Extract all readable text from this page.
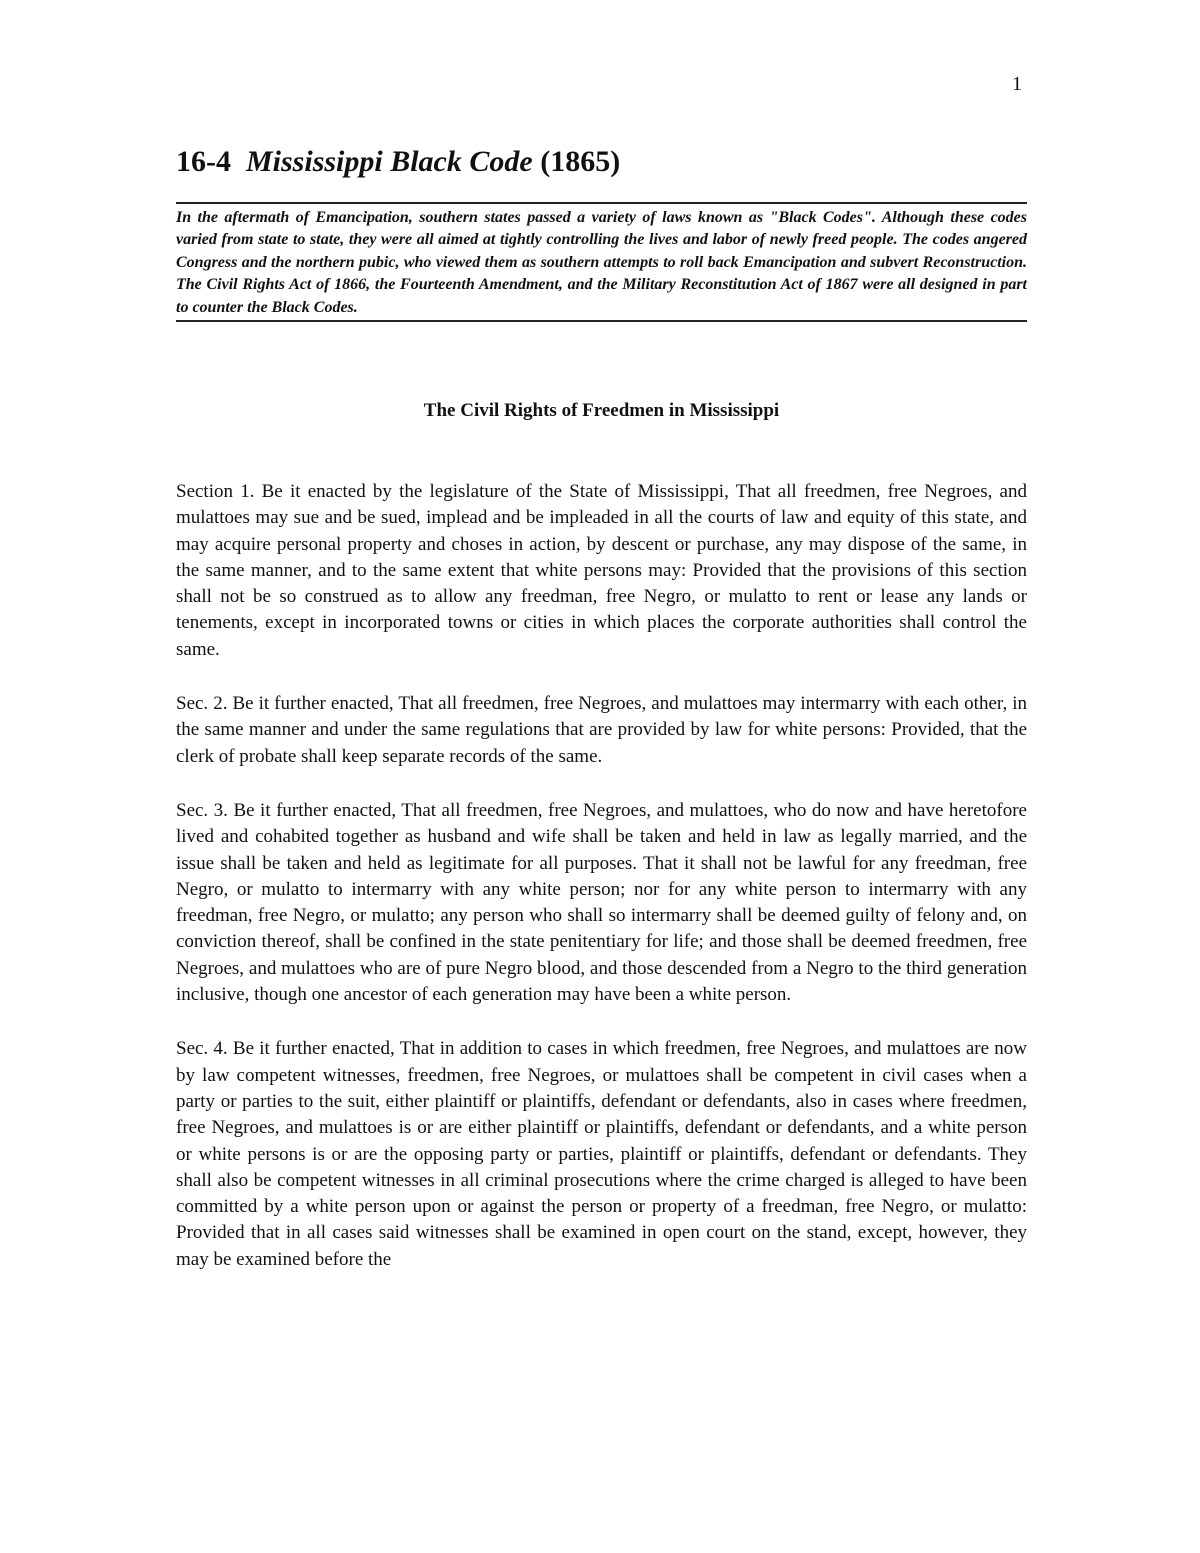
1
16-4 Mississippi Black Code (1865)
In the aftermath of Emancipation, southern states passed a variety of laws known as "Black Codes". Although these codes varied from state to state, they were all aimed at tightly controlling the lives and labor of newly freed people. The codes angered Congress and the northern pubic, who viewed them as southern attempts to roll back Emancipation and subvert Reconstruction. The Civil Rights Act of 1866, the Fourteenth Amendment, and the Military Reconstitution Act of 1867 were all designed in part to counter the Black Codes.
The Civil Rights of Freedmen in Mississippi

Section 1. Be it enacted by the legislature of the State of Mississippi, That all freedmen, free Negroes, and mulattoes may sue and be sued, implead and be impleaded in all the courts of law and equity of this state, and may acquire personal property and choses in action, by descent or purchase, any may dispose of the same, in the same manner, and to the same extent that white persons may: Provided that the provisions of this section shall not be so construed as to allow any freedman, free Negro, or mulatto to rent or lease any lands or tenements, except in incorporated towns or cities in which places the corporate authorities shall control the same.

Sec. 2. Be it further enacted, That all freedmen, free Negroes, and mulattoes may intermarry with each other, in the same manner and under the same regulations that are provided by law for white persons: Provided, that the clerk of probate shall keep separate records of the same.

Sec. 3. Be it further enacted, That all freedmen, free Negroes, and mulattoes, who do now and have heretofore lived and cohabited together as husband and wife shall be taken and held in law as legally married, and the issue shall be taken and held as legitimate for all purposes. That it shall not be lawful for any freedman, free Negro, or mulatto to intermarry with any white person; nor for any white person to intermarry with any freedman, free Negro, or mulatto; any person who shall so intermarry shall be deemed guilty of felony and, on conviction thereof, shall be confined in the state penitentiary for life; and those shall be deemed freedmen, free Negroes, and mulattoes who are of pure Negro blood, and those descended from a Negro to the third generation inclusive, though one ancestor of each generation may have been a white person.

Sec. 4. Be it further enacted, That in addition to cases in which freedmen, free Negroes, and mulattoes are now by law competent witnesses, freedmen, free Negroes, or mulattoes shall be competent in civil cases when a party or parties to the suit, either plaintiff or plaintiffs, defendant or defendants, also in cases where freedmen, free Negroes, and mulattoes is or are either plaintiff or plaintiffs, defendant or defendants, and a white person or white persons is or are the opposing party or parties, plaintiff or plaintiffs, defendant or defendants. They shall also be competent witnesses in all criminal prosecutions where the crime charged is alleged to have been committed by a white person upon or against the person or property of a freedman, free Negro, or mulatto: Provided that in all cases said witnesses shall be examined in open court on the stand, except, however, they may be examined before the
